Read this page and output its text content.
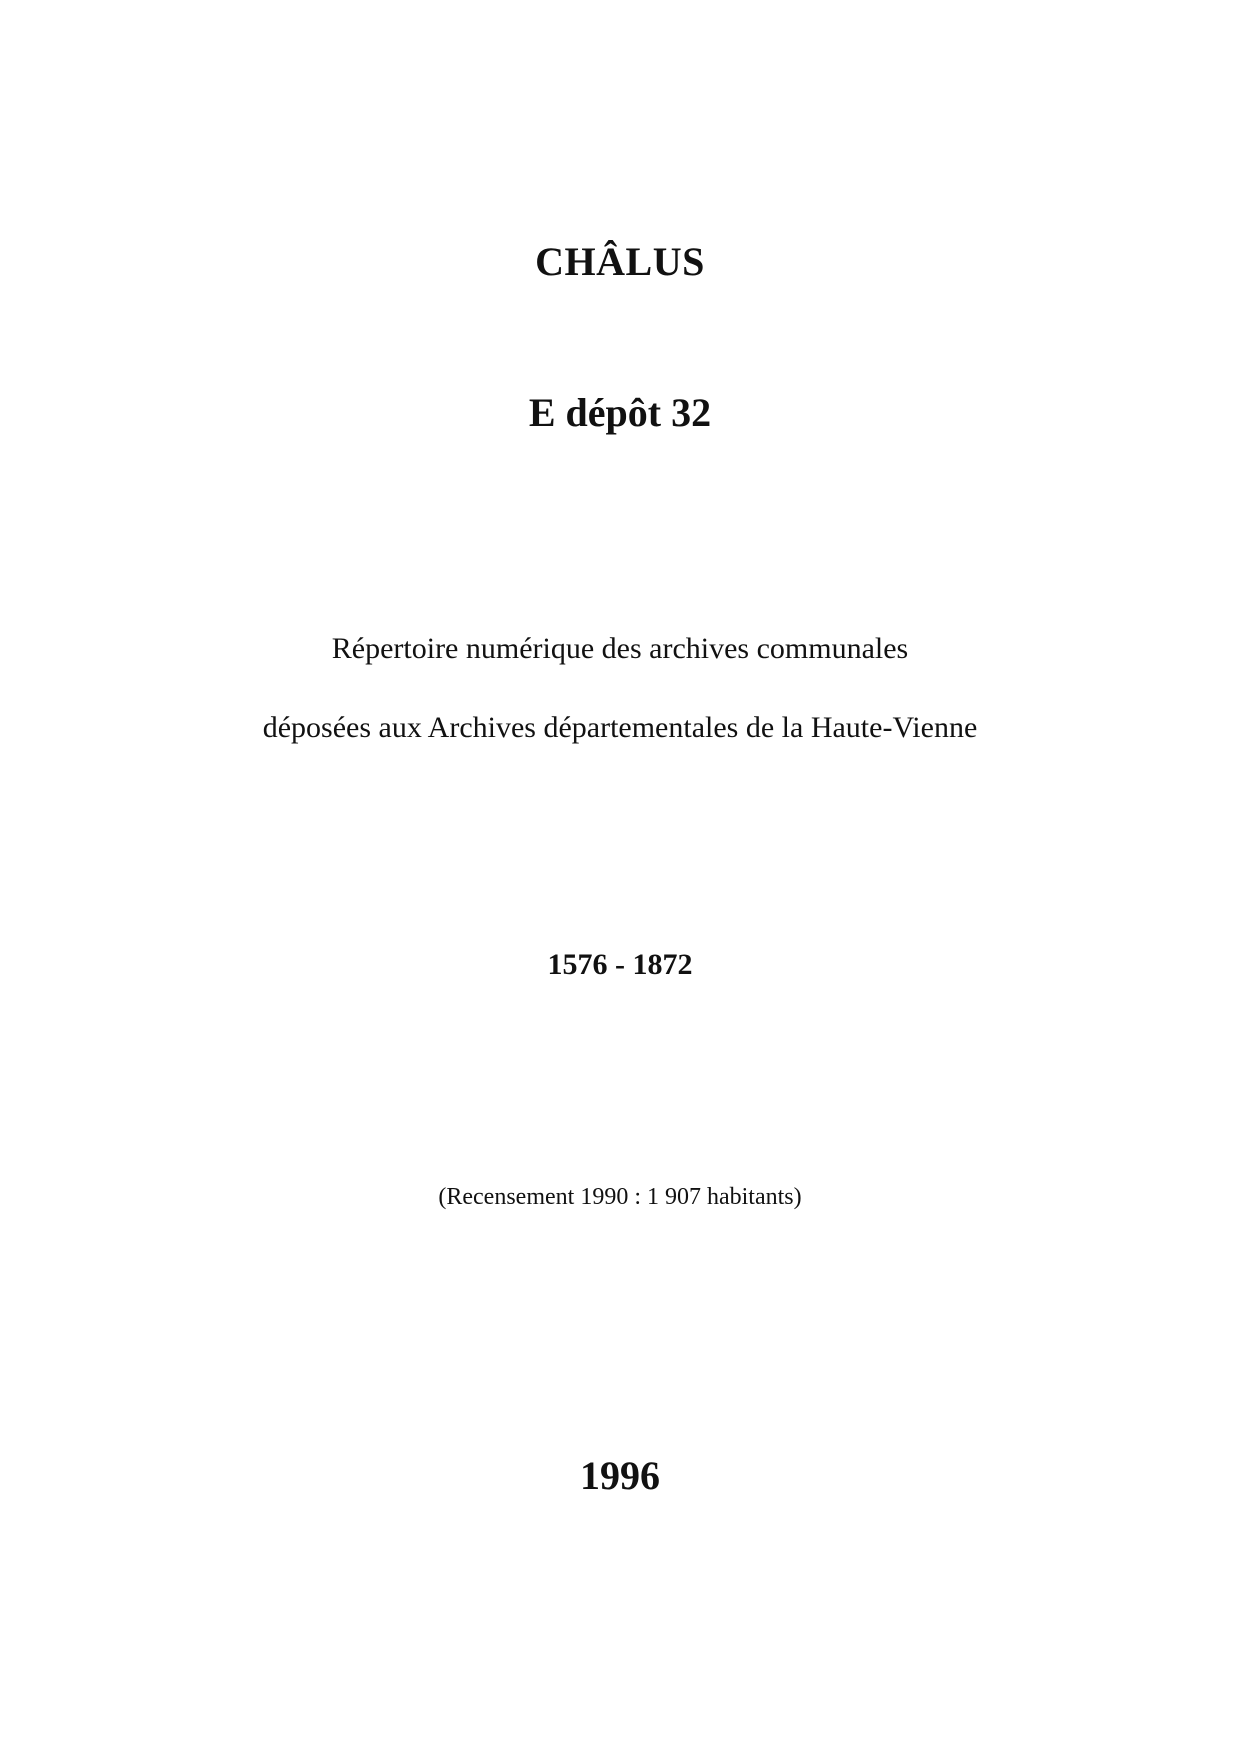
CHÂLUS
E dépôt 32

Répertoire numérique des archives communales

déposées aux Archives départementales de la Haute-Vienne

1576 - 1872

(Recensement 1990 : 1 907 habitants)

1996
